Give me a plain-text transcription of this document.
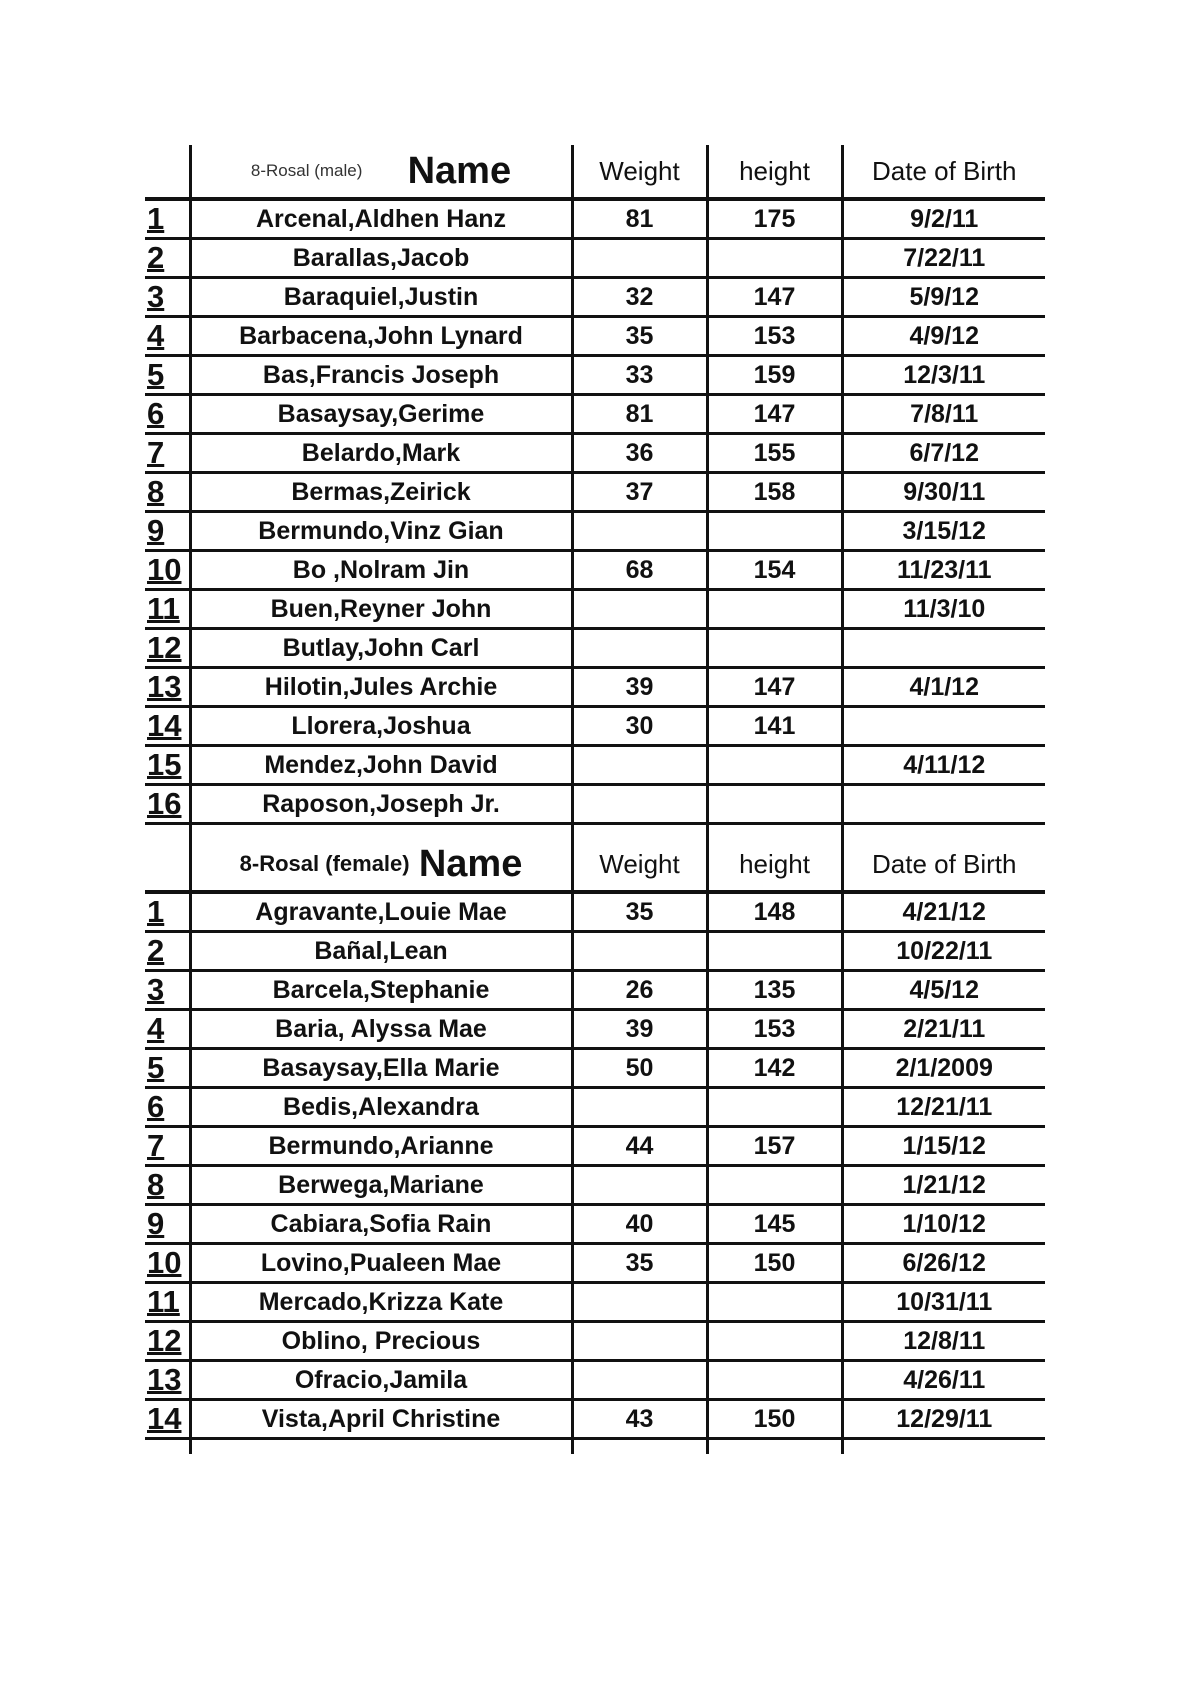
	8-Rosal (male) Name	Weight	height	Date of Birth
1	Arcenal,Aldhen Hanz	81	175	9/2/11
2	Barallas,Jacob			7/22/11
3	Baraquiel,Justin	32	147	5/9/12
4	Barbacena,John Lynard	35	153	4/9/12
5	Bas,Francis Joseph	33	159	12/3/11
6	Basaysay,Gerime	81	147	7/8/11
7	Belardo,Mark	36	155	6/7/12
8	Bermas,Zeirick	37	158	9/30/11
9	Bermundo,Vinz Gian			3/15/12
10	Bo ,Nolram Jin	68	154	11/23/11
11	Buen,Reyner John			11/3/10
12	Butlay,John Carl			
13	Hilotin,Jules Archie	39	147	4/1/12
14	Llorera,Joshua	30	141	
15	Mendez,John David			4/11/12
16	Raposon,Joseph Jr.			

	8-Rosal (female) Name	Weight	height	Date of Birth
1	Agravante,Louie Mae	35	148	4/21/12
2	Bañal,Lean			10/22/11
3	Barcela,Stephanie	26	135	4/5/12
4	Baria, Alyssa Mae	39	153	2/21/11
5	Basaysay,Ella Marie	50	142	2/1/2009
6	Bedis,Alexandra			12/21/11
7	Bermundo,Arianne	44	157	1/15/12
8	Berwega,Mariane			1/21/12
9	Cabiara,Sofia Rain	40	145	1/10/12
10	Lovino,Pualeen Mae	35	150	6/26/12
11	Mercado,Krizza Kate			10/31/11
12	Oblino, Precious			12/8/11
13	Ofracio,Jamila			4/26/11
14	Vista,April Christine	43	150	12/29/11
